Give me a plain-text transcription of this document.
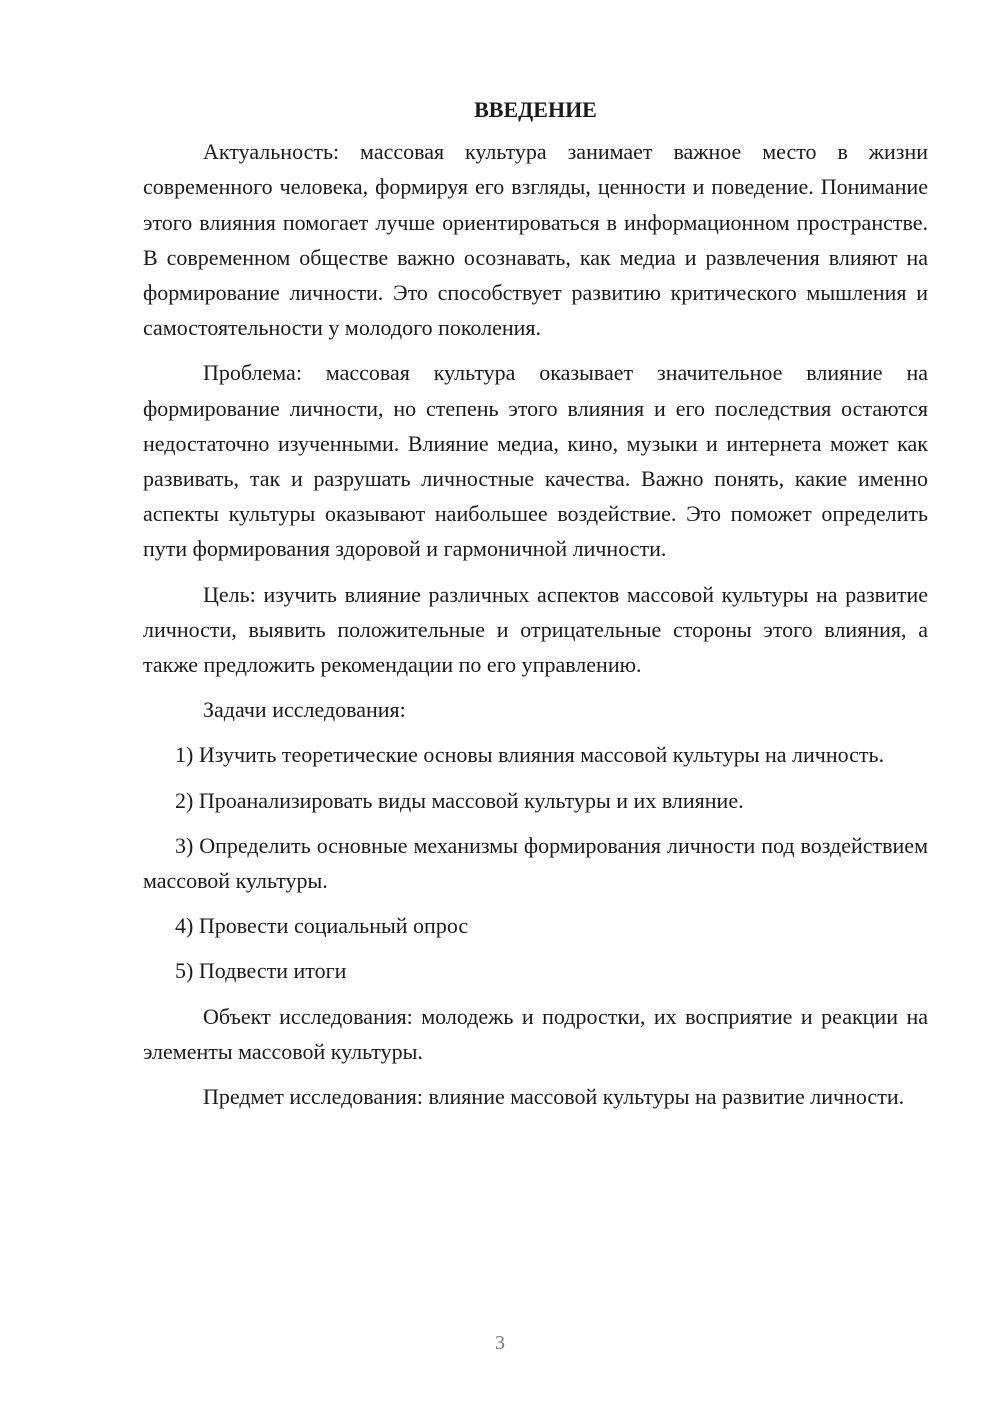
ВВЕДЕНИЕ

Актуальность: массовая культура занимает важное место в жизни современного человека, формируя его взгляды, ценности и поведение. Понимание этого влияния помогает лучше ориентироваться в информационном пространстве. В современном обществе важно осознавать, как медиа и развлечения влияют на формирование личности. Это способствует развитию критического мышления и самостоятельности у молодого поколения.

Проблема: массовая культура оказывает значительное влияние на формирование личности, но степень этого влияния и его последствия остаются недостаточно изученными. Влияние медиа, кино, музыки и интернета может как развивать, так и разрушать личностные качества. Важно понять, какие именно аспекты культуры оказывают наибольшее воздействие. Это поможет определить пути формирования здоровой и гармоничной личности.

Цель: изучить влияние различных аспектов массовой культуры на развитие личности, выявить положительные и отрицательные стороны этого влияния, а также предложить рекомендации по его управлению.

Задачи исследования:

1) Изучить теоретические основы влияния массовой культуры на личность.

2) Проанализировать виды массовой культуры и их влияние.

3) Определить основные механизмы формирования личности под воздействием массовой культуры.

4) Провести социальный опрос

5) Подвести итоги

Объект исследования: молодежь и подростки, их восприятие и реакции на элементы массовой культуры.

Предмет исследования: влияние массовой культуры на развитие личности.

3
